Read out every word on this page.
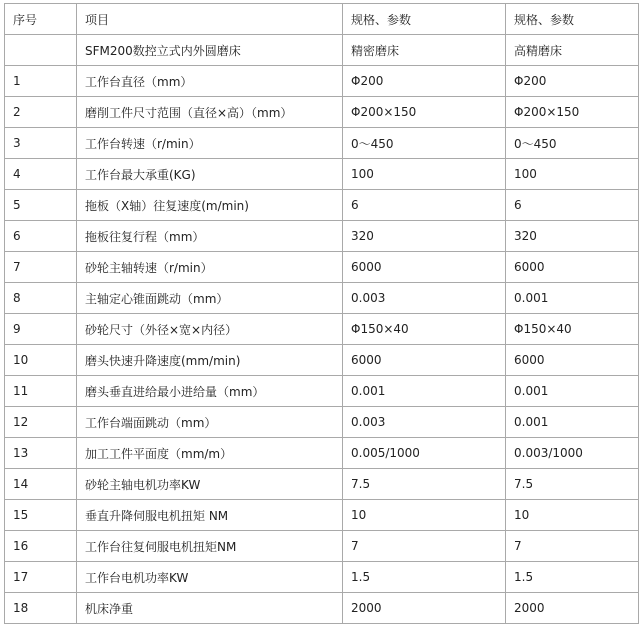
序号	项目	规格、参数	规格、参数
	SFM200数控立式内外圆磨床	精密磨床	高精磨床
1	工作台直径（mm）	Φ200	Φ200
2	磨削工件尺寸范围（直径×高）（mm）	Φ200×150	Φ200×150
3	工作台转速（r/min）	0～450	0～450
4	工作台最大承重(KG)	100	100
5	拖板（X轴）往复速度(m/min)	6	6
6	拖板往复行程（mm）	320	320
7	砂轮主轴转速（r/min）	6000	6000
8	主轴定心锥面跳动（mm）	0.003	0.001
9	砂轮尺寸（外径×宽×内径）	Φ150×40	Φ150×40
10	磨头快速升降速度(mm/min)	6000	6000
11	磨头垂直进给最小进给量（mm）	0.001	0.001
12	工作台端面跳动（mm）	0.003	0.001
13	加工工件平面度（mm/m）	0.005/1000	0.003/1000
14	砂轮主轴电机功率KW	7.5	7.5
15	垂直升降伺服电机扭矩 NM	10	10
16	工作台往复伺服电机扭矩NM	7	7
17	工作台电机功率KW	1.5	1.5
18	机床净重	2000	2000
